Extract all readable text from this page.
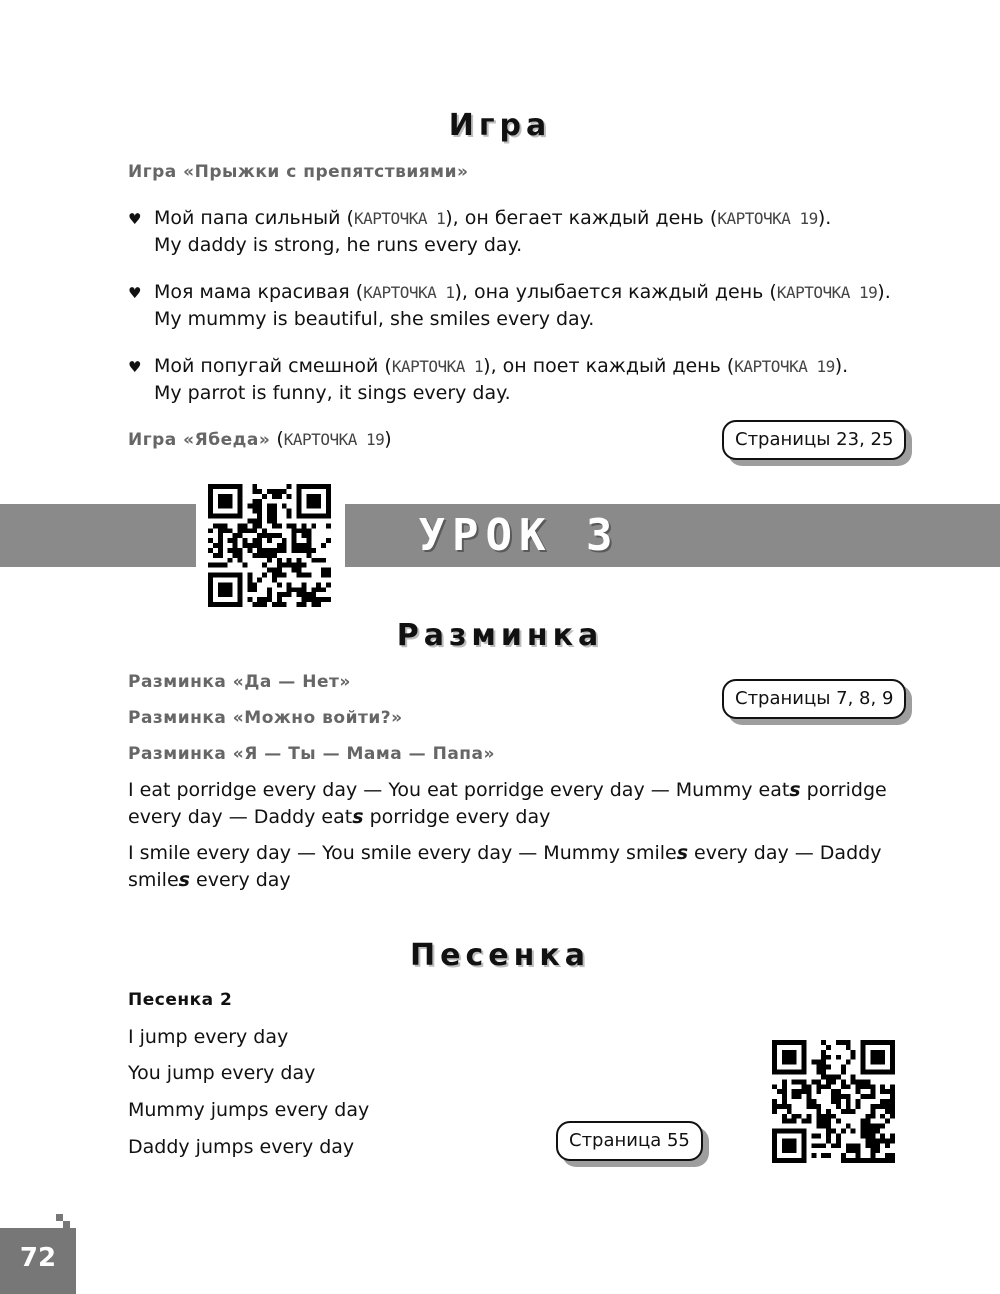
Игра
Игра «Прыжки с препятствиями»
♥ Мой папа сильный (КАРТОЧКА 1), он бегает каждый день (КАРТОЧКА 19).
My daddy is strong, he runs every day.
♥ Моя мама красивая (КАРТОЧКА 1), она улыбается каждый день (КАРТОЧКА 19).
My mummy is beautiful, she smiles every day.
♥ Мой попугай смешной (КАРТОЧКА 1), он поет каждый день (КАРТОЧКА 19).
My parrot is funny, it sings every day.
Игра «Ябеда» (КАРТОЧКА 19)	Страницы 23, 25
УРОК 3
Разминка
Разминка «Да — Нет»
Разминка «Можно войти?»
Разминка «Я — Ты — Мама — Папа»
Страницы 7, 8, 9
I eat porridge every day — You eat porridge every day — Mummy eats porridge every day — Daddy eats porridge every day
I smile every day — You smile every day — Mummy smiles every day — Daddy smiles every day
Песенка
Песенка 2
I jump every day
You jump every day
Mummy jumps every day
Daddy jumps every day	Страница 55
72
